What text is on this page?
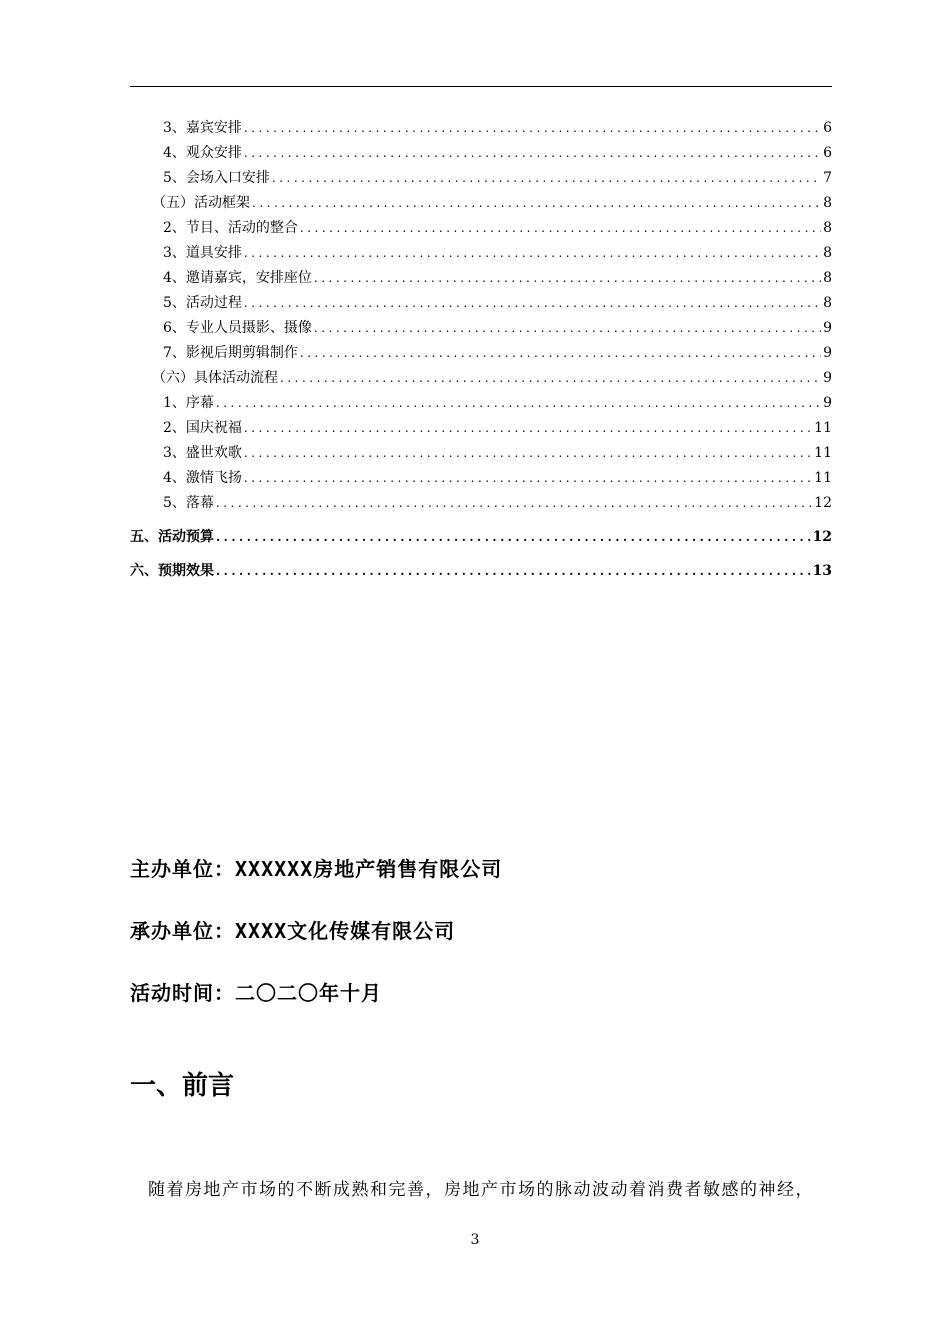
3、嘉宾安排 .....	6
4、观众安排 .....	6
5、会场入口安排 .....	7
（五）活动框架 .....	8
2、节目、活动的整合 .....	8
3、道具安排 .....	8
4、邀请嘉宾，安排座位 .....	8
5、活动过程 .....	8
6、专业人员摄影、摄像 .....	9
7、影视后期剪辑制作 .....	9
（六）具体活动流程 .....	9
1、序幕 .....	9
2、国庆祝福 .....	11
3、盛世欢歌 .....	11
4、激情飞扬 .....	11
5、落幕 .....	12
五、活动预算 .....	12
六、预期效果 .....	13
主办单位：XXXXXX房地产销售有限公司
承办单位：XXXX文化传媒有限公司
活动时间：二〇二〇年十月
一、前言
随着房地产市场的不断成熟和完善，房地产市场的脉动波动着消费者敏感的神经，
3
